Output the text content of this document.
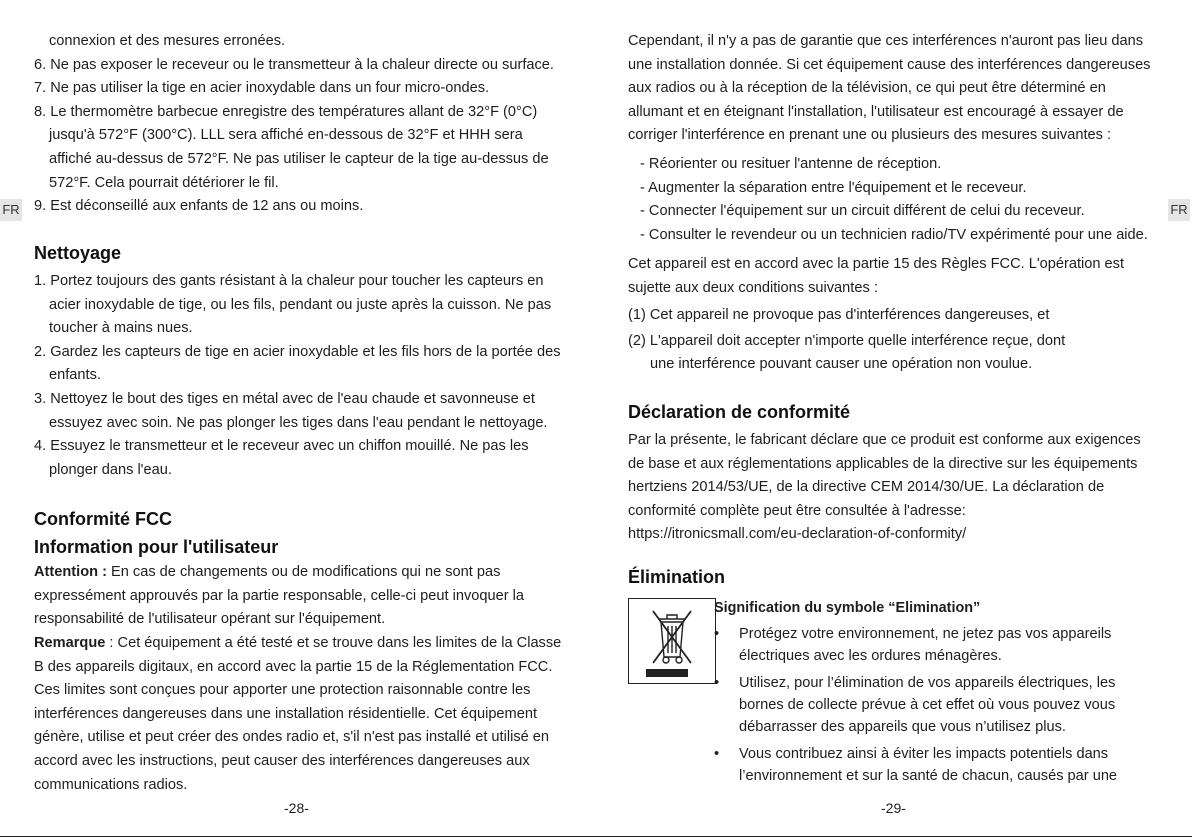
FR	FR

connexion et des mesures erronées.

6. Ne pas exposer le receveur ou le transmetteur à la chaleur directe ou surface.

7. Ne pas utiliser la tige en acier inoxydable dans un four micro-ondes.

8. Le thermomètre barbecue enregistre des températures allant de 32°F (0°C) jusqu'à 572°F (300°C). LLL sera affiché en-dessous de 32°F et HHH sera affiché au-dessus de 572°F. Ne pas utiliser le capteur de la tige au-dessus de 572°F. Cela pourrait détériorer le fil.

9. Est déconseillé aux enfants de 12 ans ou moins.

Nettoyage

1. Portez toujours des gants résistant à la chaleur pour toucher les capteurs en acier inoxydable de tige, ou les fils, pendant ou juste après la cuisson. Ne pas toucher à mains nues.

2. Gardez les capteurs de tige en acier inoxydable et les fils hors de la portée des enfants.

3. Nettoyez le bout des tiges en métal avec de l'eau chaude et savonneuse et essuyez avec soin. Ne pas plonger les tiges dans l'eau pendant le nettoyage.

4. Essuyez le transmetteur et le receveur avec un chiffon mouillé. Ne pas les plonger dans l'eau.

Conformité FCC
Information pour l'utilisateur

Attention : En cas de changements ou de modifications qui ne sont pas expressément approuvés par la partie responsable, celle-ci peut invoquer la responsabilité de l'utilisateur opérant sur l'équipement.

Remarque : Cet équipement a été testé et se trouve dans les limites de la Classe B des appareils digitaux, en accord avec la partie 15 de la Réglementation FCC. Ces limites sont conçues pour apporter une protection raisonnable contre les interférences dangereuses dans une installation résidentielle. Cet équipement génère, utilise et peut créer des ondes radio et, s'il n'est pas installé et utilisé en accord avec les instructions, peut causer des interférences dangereuses aux communications radios.

-28-

Cependant, il n'y a pas de garantie que ces interférences n'auront pas lieu dans une installation donnée. Si cet équipement cause des interférences dangereuses aux radios ou à la réception de la télévision, ce qui peut être déterminé en allumant et en éteignant l'installation, l'utilisateur est encouragé à essayer de corriger l'interférence en prenant une ou plusieurs des mesures suivantes :

- Réorienter ou resituer l'antenne de réception.

- Augmenter la séparation entre l'équipement et le receveur.

- Connecter l'équipement sur un circuit différent de celui du receveur.

- Consulter le revendeur ou un technicien radio/TV expérimenté pour une aide.

Cet appareil est en accord avec la partie 15 des Règles FCC. L'opération est sujette aux deux conditions suivantes :

(1) Cet appareil ne provoque pas d'interférences dangereuses, et

(2) L'appareil doit accepter n'importe quelle interférence reçue, dont une interférence pouvant causer une opération non voulue.

Déclaration de conformité

Par la présente, le fabricant déclare que ce produit est conforme aux exigences de base et aux réglementations applicables de la directive sur les équipements hertziens 2014/53/UE, de la directive CEM 2014/30/UE. La déclaration de conformité complète peut être consultée à l'adresse:
https://itronicsmall.com/eu-declaration-of-conformity/

Élimination
Signification du symbole “Elimination”
• Protégez votre environnement, ne jetez pas vos appareils électriques avec les ordures ménagères.
• Utilisez, pour l’élimination de vos appareils électriques, les bornes de collecte prévue à cet effet où vous pouvez vous débarrasser des appareils que vous n’utilisez plus.
• Vous contribuez ainsi à éviter les impacts potentiels dans l’environnement et sur la santé de chacun, causés par une
-29-
